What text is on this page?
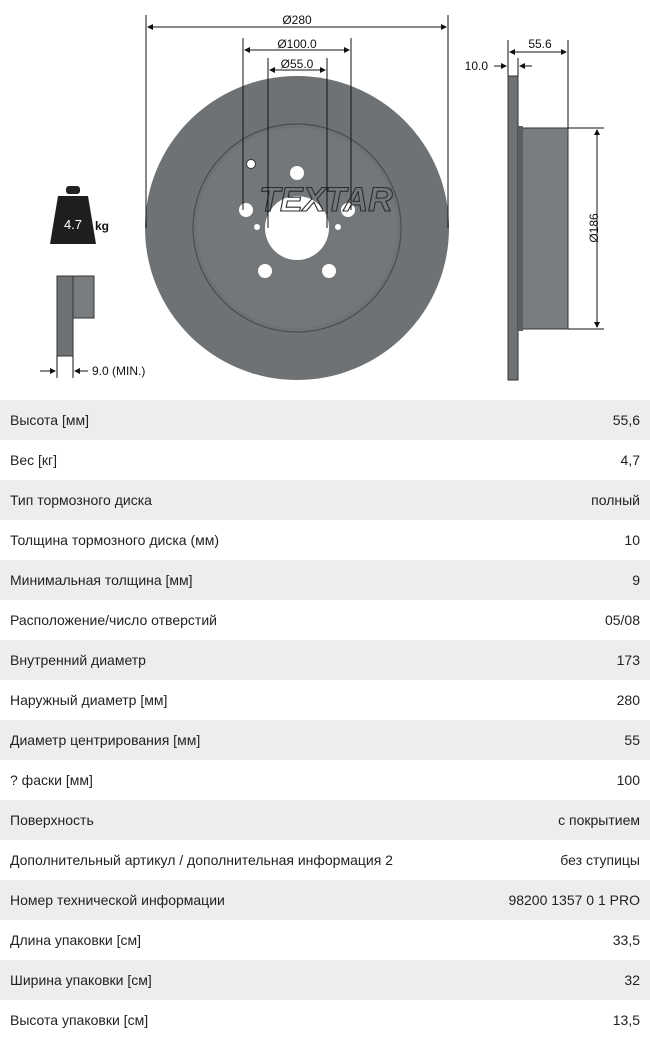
TEXTAR
Ø280
Ø100.0
Ø55.0
55.6
10.0
Ø186
4.7 kg
9.0 (MIN.)
Высота [мм]	55,6
Вес [кг]	4,7
Тип тормозного диска	полный
Толщина тормозного диска (мм)	10
Минимальная толщина [мм]	9
Расположение/число отверстий	05/08
Внутренний диаметр	173
Наружный диаметр [мм]	280
Диаметр центрирования [мм]	55
? фаски [мм]	100
Поверхность	с покрытием
Дополнительный артикул / дополнительная информация 2	без ступицы
Номер технической информации	98200 1357 0 1 PRO
Длина упаковки [см]	33,5
Ширина упаковки [см]	32
Высота упаковки [см]	13,5
